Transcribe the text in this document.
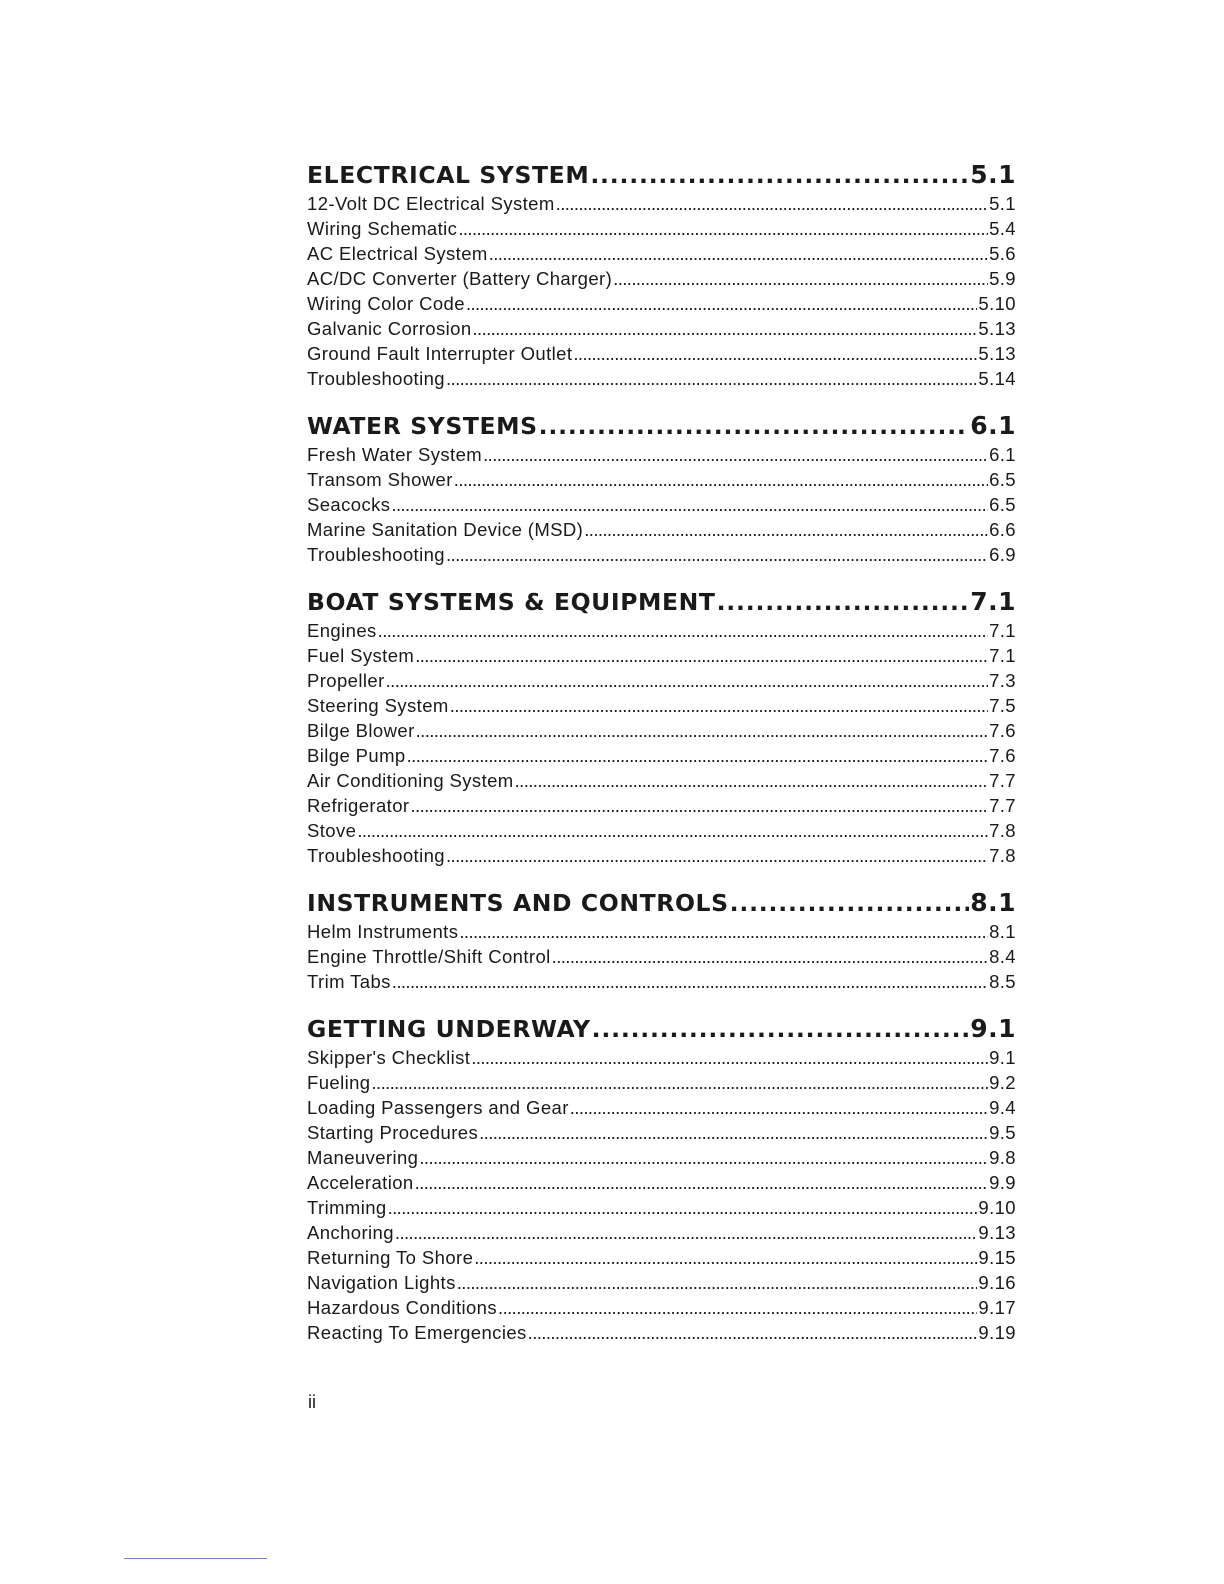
ELECTRICAL SYSTEM .....	5.1
12-Volt DC Electrical System .....	5.1
Wiring Schematic .....	5.4
AC Electrical System .....	5.6
AC/DC Converter (Battery Charger) .....	5.9
Wiring Color Code .....	5.10
Galvanic Corrosion .....	5.13
Ground Fault Interrupter Outlet .....	5.13
Troubleshooting .....	5.14
WATER SYSTEMS .....	6.1
Fresh Water System .....	6.1
Transom Shower .....	6.5
Seacocks .....	6.5
Marine Sanitation Device (MSD) .....	6.6
Troubleshooting .....	6.9
BOAT SYSTEMS & EQUIPMENT .....	7.1
Engines .....	7.1
Fuel System .....	7.1
Propeller .....	7.3
Steering System .....	7.5
Bilge Blower .....	7.6
Bilge Pump .....	7.6
Air Conditioning System .....	7.7
Refrigerator .....	7.7
Stove .....	7.8
Troubleshooting .....	7.8
INSTRUMENTS AND CONTROLS .....	8.1
Helm Instruments .....	8.1
Engine Throttle/Shift Control .....	8.4
Trim Tabs .....	8.5
GETTING UNDERWAY .....	9.1
Skipper's Checklist .....	9.1
Fueling .....	9.2
Loading Passengers and Gear .....	9.4
Starting Procedures .....	9.5
Maneuvering .....	9.8
Acceleration .....	9.9
Trimming .....	9.10
Anchoring .....	9.13
Returning To Shore .....	9.15
Navigation Lights .....	9.16
Hazardous Conditions .....	9.17
Reacting To Emergencies .....	9.19
ii
